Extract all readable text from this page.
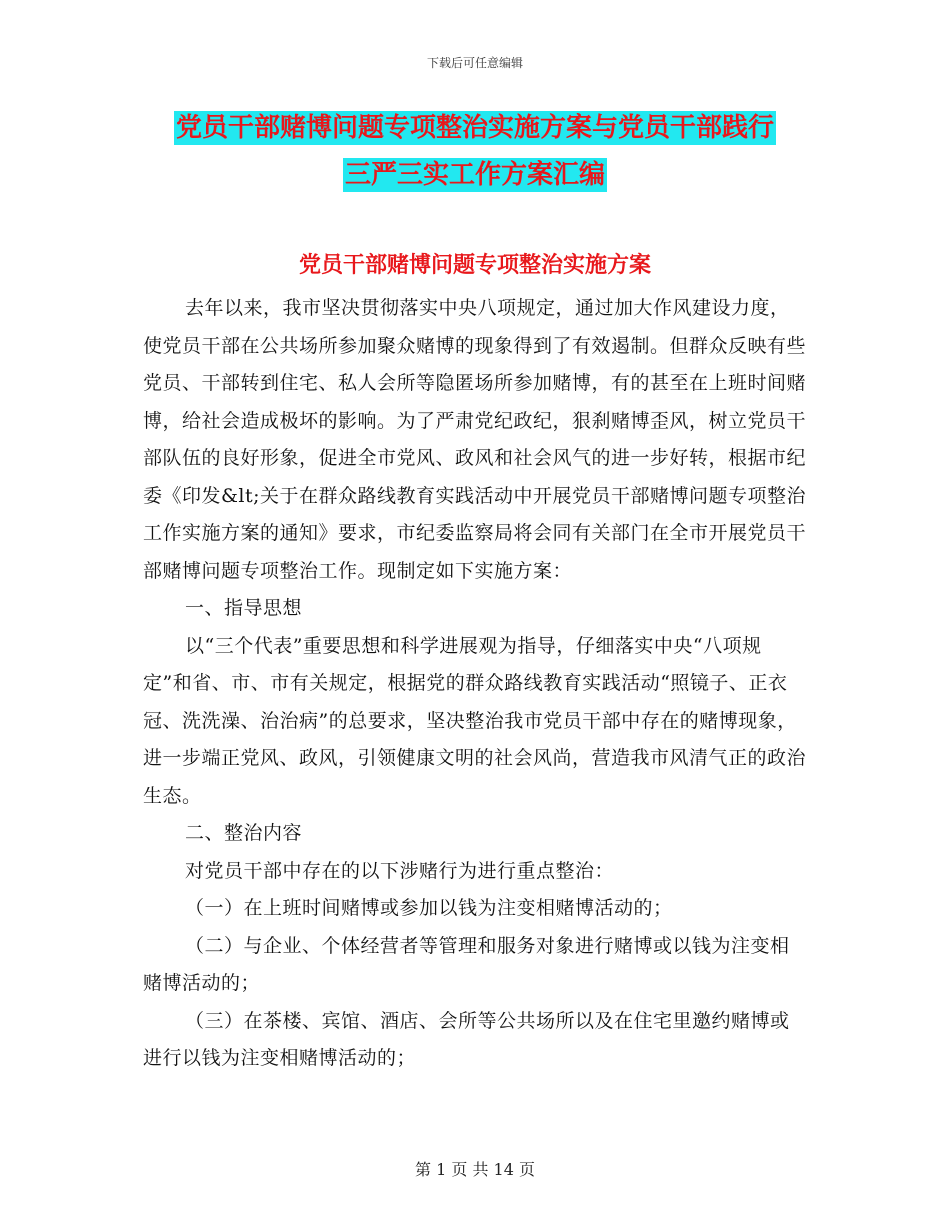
下载后可任意编辑
党员干部赌博问题专项整治实施方案与党员干部践行
三严三实工作方案汇编
党员干部赌博问题专项整治实施方案

去年以来，我市坚决贯彻落实中央八项规定，通过加大作风建设力度，使党员干部在公共场所参加聚众赌博的现象得到了有效遏制。但群众反映有些党员、干部转到住宅、私人会所等隐匿场所参加赌博，有的甚至在上班时间赌博，给社会造成极坏的影响。为了严肃党纪政纪，狠刹赌博歪风，树立党员干部队伍的良好形象，促进全市党风、政风和社会风气的进一步好转，根据市纪委《印发&lt;关于在群众路线教育实践活动中开展党员干部赌博问题专项整治工作实施方案的通知》要求，市纪委监察局将会同有关部门在全市开展党员干部赌博问题专项整治工作。现制定如下实施方案：

一、指导思想

以“三个代表”重要思想和科学进展观为指导，仔细落实中央“八项规定”和省、市、市有关规定，根据党的群众路线教育实践活动“照镜子、正衣冠、洗洗澡、治治病”的总要求，坚决整治我市党员干部中存在的赌博现象，进一步端正党风、政风，引领健康文明的社会风尚，营造我市风清气正的政治生态。

二、整治内容

对党员干部中存在的以下涉赌行为进行重点整治：

（一）在上班时间赌博或参加以钱为注变相赌博活动的；

（二）与企业、个体经营者等管理和服务对象进行赌博或以钱为注变相赌博活动的；

（三）在茶楼、宾馆、酒店、会所等公共场所以及在住宅里邀约赌博或进行以钱为注变相赌博活动的；

第 1 页 共 14 页
